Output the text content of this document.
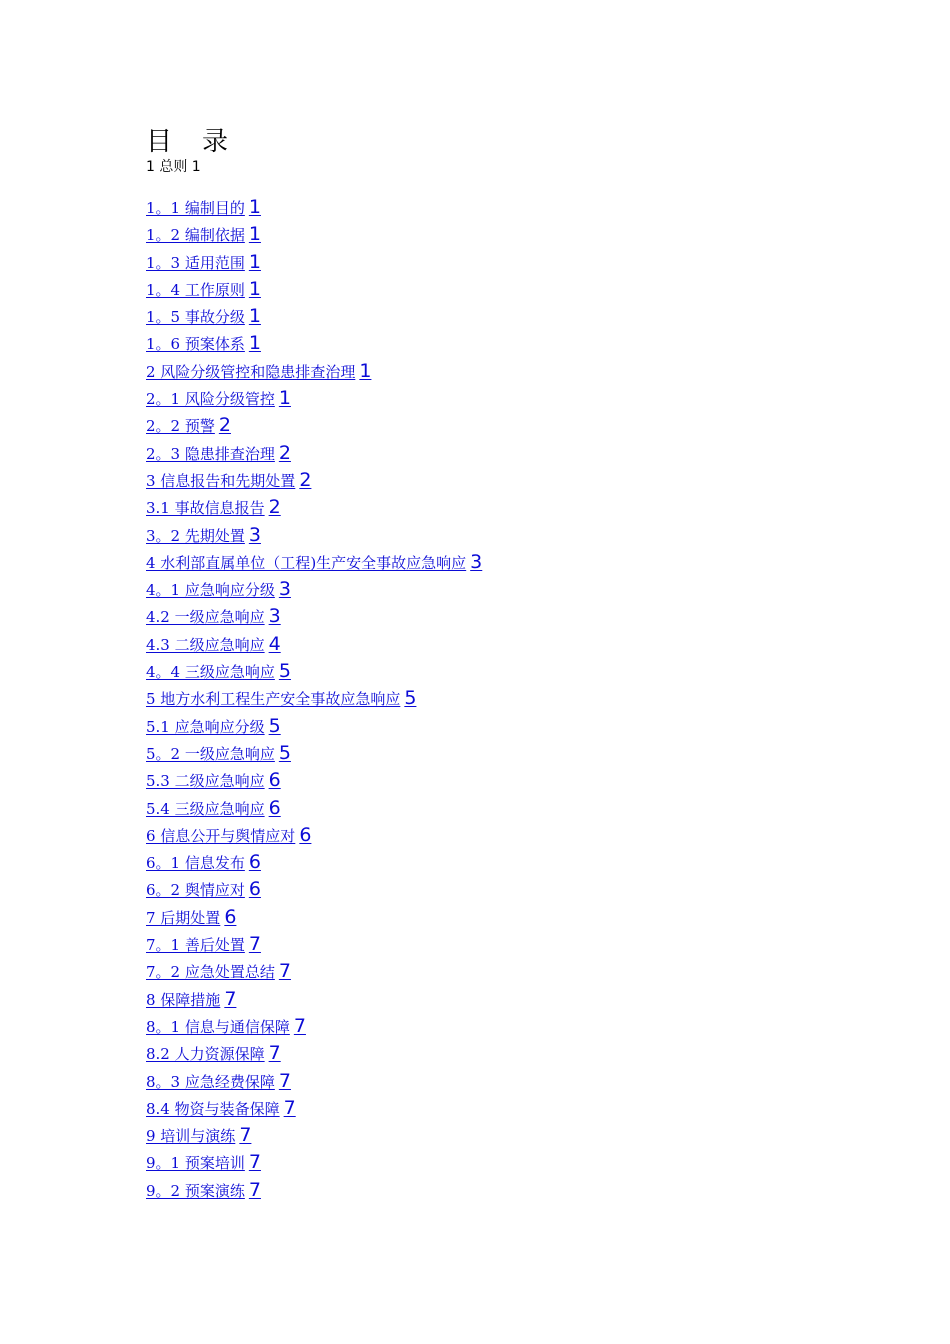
目 录
1 总则 1
1。1 编制目的 1
1。2 编制依据 1
1。3 适用范围 1
1。4 工作原则 1
1。5 事故分级 1
1。6 预案体系 1
2 风险分级管控和隐患排查治理 1
2。1 风险分级管控 1
2。2 预警 2
2。3 隐患排查治理 2
3 信息报告和先期处置 2
3.1 事故信息报告 2
3。2 先期处置 3
4 水利部直属单位（工程)生产安全事故应急响应 3
4。1 应急响应分级 3
4.2 一级应急响应 3
4.3 二级应急响应 4
4。4 三级应急响应 5
5 地方水利工程生产安全事故应急响应 5
5.1 应急响应分级 5
5。2 一级应急响应 5
5.3 二级应急响应 6
5.4 三级应急响应 6
6 信息公开与舆情应对 6
6。1 信息发布 6
6。2 舆情应对 6
7 后期处置 6
7。1 善后处置 7
7。2 应急处置总结 7
8 保障措施 7
8。1 信息与通信保障 7
8.2 人力资源保障 7
8。3 应急经费保障 7
8.4 物资与装备保障 7
9 培训与演练 7
9。1 预案培训 7
9。2 预案演练 7
